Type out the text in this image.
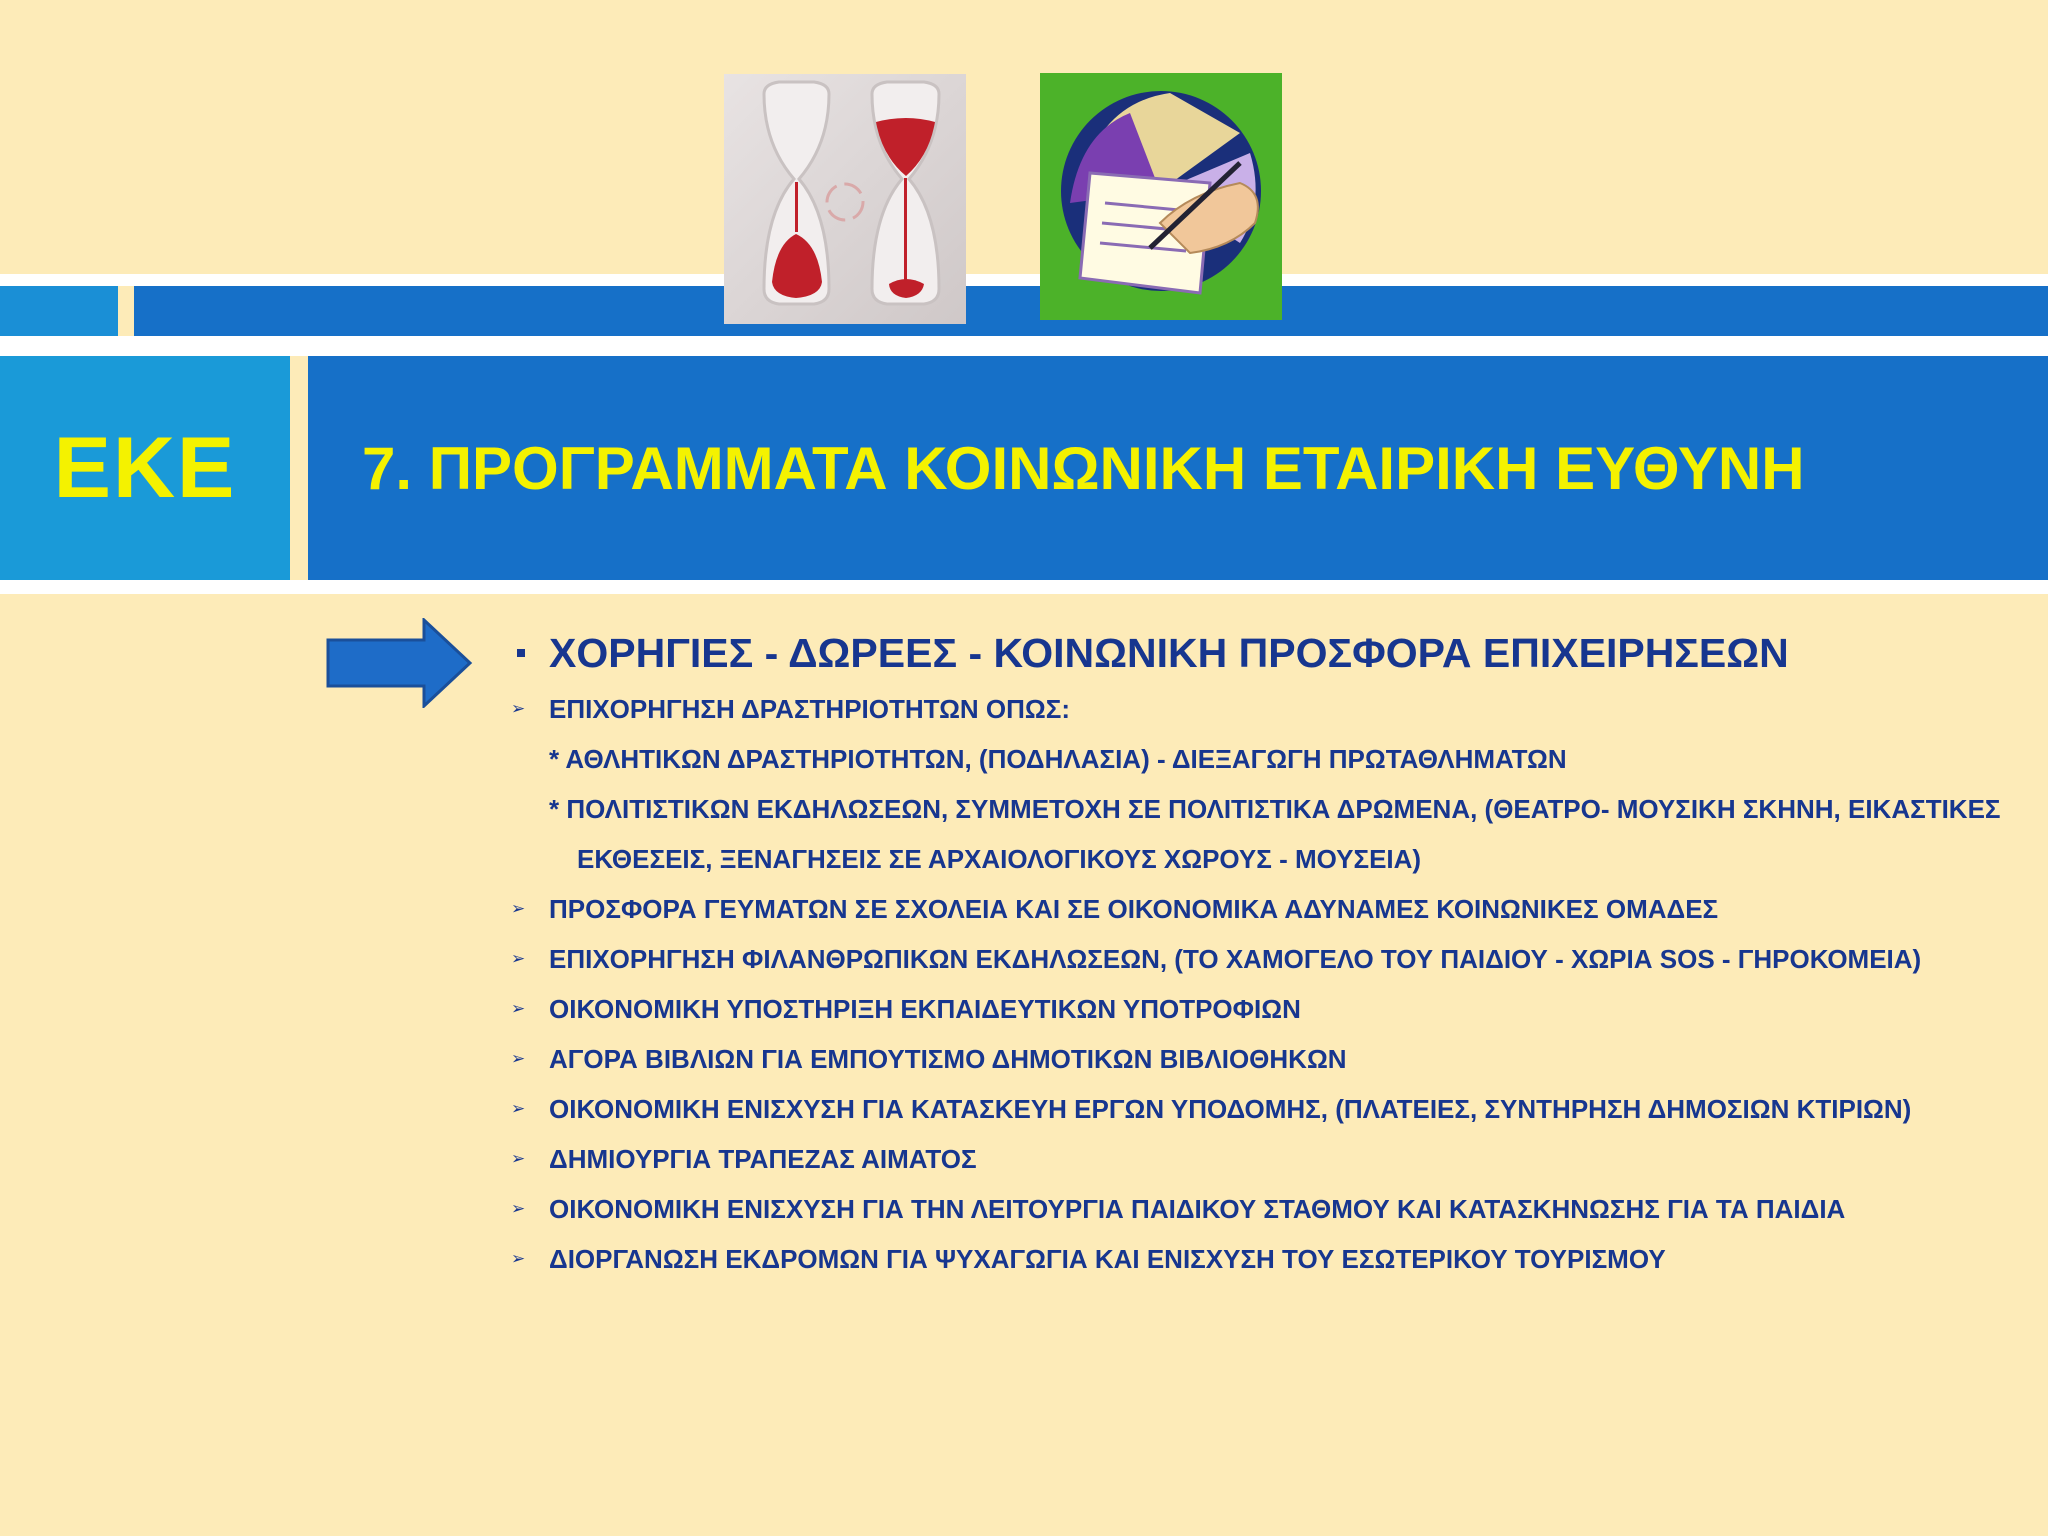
ΕΚΕ 7. ΠΡΟΓΡΑΜΜΑΤΑ ΚΟΙΝΩΝΙΚΗ ΕΤΑΙΡΙΚΗ ΕΥΘΥΝΗ
ΧΟΡΗΓΙΕΣ - ΔΩΡΕΕΣ - ΚΟΙΝΩΝΙΚΗ ΠΡΟΣΦΟΡΑ ΕΠΙΧΕΙΡΗΣΕΩΝ
➢ ΕΠΙΧΟΡΗΓΗΣΗ ΔΡΑΣΤΗΡΙΟΤΗΤΩΝ ΟΠΩΣ:
* ΑΘΛΗΤΙΚΩΝ ΔΡΑΣΤΗΡΙΟΤΗΤΩΝ, (ΠΟΔΗΛΑΣΙΑ) - ΔΙΕΞΑΓΩΓΗ ΠΡΩΤΑΘΛΗΜΑΤΩΝ
* ΠΟΛΙΤΙΣΤΙΚΩΝ ΕΚΔΗΛΩΣΕΩΝ, ΣΥΜΜΕΤΟΧΗ ΣΕ ΠΟΛΙΤΙΣΤΙΚΑ ΔΡΩΜΕΝΑ, (ΘΕΑΤΡΟ- ΜΟΥΣΙΚΗ ΣΚΗΝΗ, ΕΙΚΑΣΤΙΚΕΣ
ΕΚΘΕΣΕΙΣ, ΞΕΝΑΓΗΣΕΙΣ ΣΕ ΑΡΧΑΙΟΛΟΓΙΚΟΥΣ ΧΩΡΟΥΣ - ΜΟΥΣΕΙΑ)
➢ ΠΡΟΣΦΟΡΑ ΓΕΥΜΑΤΩΝ ΣΕ ΣΧΟΛΕΙΑ ΚΑΙ ΣΕ ΟΙΚΟΝΟΜΙΚΑ ΑΔΥΝΑΜΕΣ ΚΟΙΝΩΝΙΚΕΣ ΟΜΑΔΕΣ
➢ ΕΠΙΧΟΡΗΓΗΣΗ ΦΙΛΑΝΘΡΩΠΙΚΩΝ ΕΚΔΗΛΩΣΕΩΝ, (ΤΟ ΧΑΜΟΓΕΛΟ ΤΟΥ ΠΑΙΔΙΟΥ - ΧΩΡΙΑ SOS - ΓΗΡΟΚΟΜΕΙΑ)
➢ ΟΙΚΟΝΟΜΙΚΗ ΥΠΟΣΤΗΡΙΞΗ ΕΚΠΑΙΔΕΥΤΙΚΩΝ ΥΠΟΤΡΟΦΙΩΝ
➢ ΑΓΟΡΑ ΒΙΒΛΙΩΝ ΓΙΑ ΕΜΠΟΥΤΙΣΜΟ ΔΗΜΟΤΙΚΩΝ ΒΙΒΛΙΟΘΗΚΩΝ
➢ ΟΙΚΟΝΟΜΙΚΗ ΕΝΙΣΧΥΣΗ ΓΙΑ ΚΑΤΑΣΚΕΥΗ ΕΡΓΩΝ ΥΠΟΔΟΜΗΣ, (ΠΛΑΤΕΙΕΣ, ΣΥΝΤΗΡΗΣΗ ΔΗΜΟΣΙΩΝ ΚΤΙΡΙΩΝ)
➢ ΔΗΜΙΟΥΡΓΙΑ ΤΡΑΠΕΖΑΣ ΑΙΜΑΤΟΣ
➢ ΟΙΚΟΝΟΜΙΚΗ ΕΝΙΣΧΥΣΗ ΓΙΑ ΤΗΝ ΛΕΙΤΟΥΡΓΙΑ ΠΑΙΔΙΚΟΥ ΣΤΑΘΜΟΥ ΚΑΙ ΚΑΤΑΣΚΗΝΩΣΗΣ ΓΙΑ ΤΑ ΠΑΙΔΙΑ
➢ ΔΙΟΡΓΑΝΩΣΗ ΕΚΔΡΟΜΩΝ ΓΙΑ ΨΥΧΑΓΩΓΙΑ ΚΑΙ ΕΝΙΣΧΥΣΗ ΤΟΥ ΕΣΩΤΕΡΙΚΟΥ ΤΟΥΡΙΣΜΟΥ
